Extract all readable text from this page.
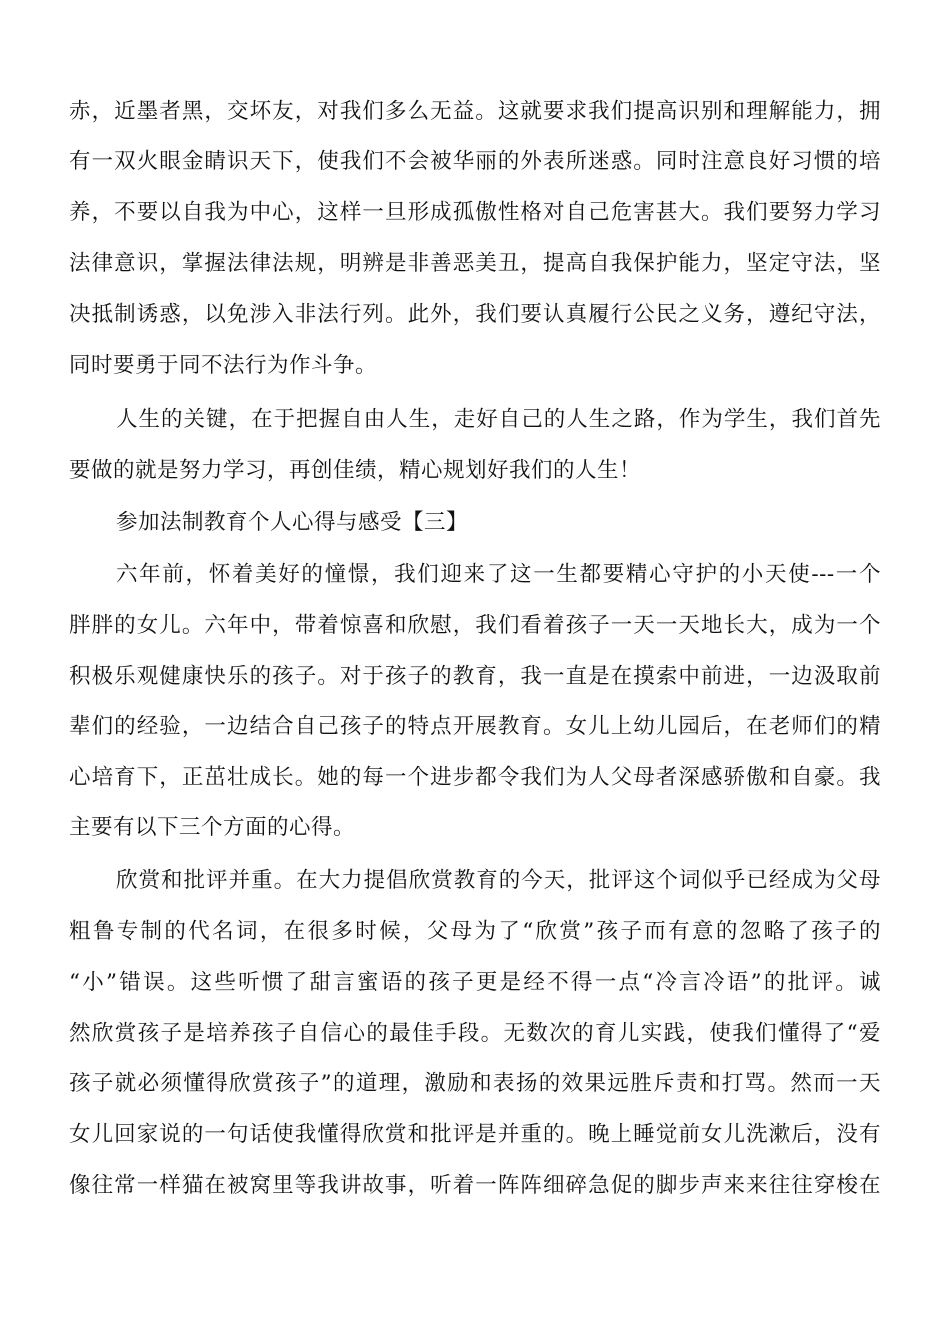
赤，近墨者黑，交坏友，对我们多么无益。这就要求我们提高识别和理解能力，拥
有一双火眼金睛识天下，使我们不会被华丽的外表所迷惑。同时注意良好习惯的培
养，不要以自我为中心，这样一旦形成孤傲性格对自己危害甚大。我们要努力学习
法律意识，掌握法律法规，明辨是非善恶美丑，提高自我保护能力，坚定守法，坚
决抵制诱惑，以免涉入非法行列。此外，我们要认真履行公民之义务，遵纪守法，
同时要勇于同不法行为作斗争。
人生的关键，在于把握自由人生，走好自己的人生之路，作为学生，我们首先
要做的就是努力学习，再创佳绩，精心规划好我们的人生！
参加法制教育个人心得与感受【三】
六年前，怀着美好的憧憬，我们迎来了这一生都要精心守护的小天使---一个
胖胖的女儿。六年中，带着惊喜和欣慰，我们看着孩子一天一天地长大，成为一个
积极乐观健康快乐的孩子。对于孩子的教育，我一直是在摸索中前进，一边汲取前
辈们的经验，一边结合自己孩子的特点开展教育。女儿上幼儿园后，在老师们的精
心培育下，正茁壮成长。她的每一个进步都令我们为人父母者深感骄傲和自豪。我
主要有以下三个方面的心得。
欣赏和批评并重。在大力提倡欣赏教育的今天，批评这个词似乎已经成为父母
粗鲁专制的代名词，在很多时候，父母为了“欣赏”孩子而有意的忽略了孩子的
“小”错误。这些听惯了甜言蜜语的孩子更是经不得一点“冷言冷语”的批评。诚
然欣赏孩子是培养孩子自信心的最佳手段。无数次的育儿实践，使我们懂得了“爱
孩子就必须懂得欣赏孩子”的道理，激励和表扬的效果远胜斥责和打骂。然而一天
女儿回家说的一句话使我懂得欣赏和批评是并重的。晚上睡觉前女儿洗漱后，没有
像往常一样猫在被窝里等我讲故事，听着一阵阵细碎急促的脚步声来来往往穿梭在
